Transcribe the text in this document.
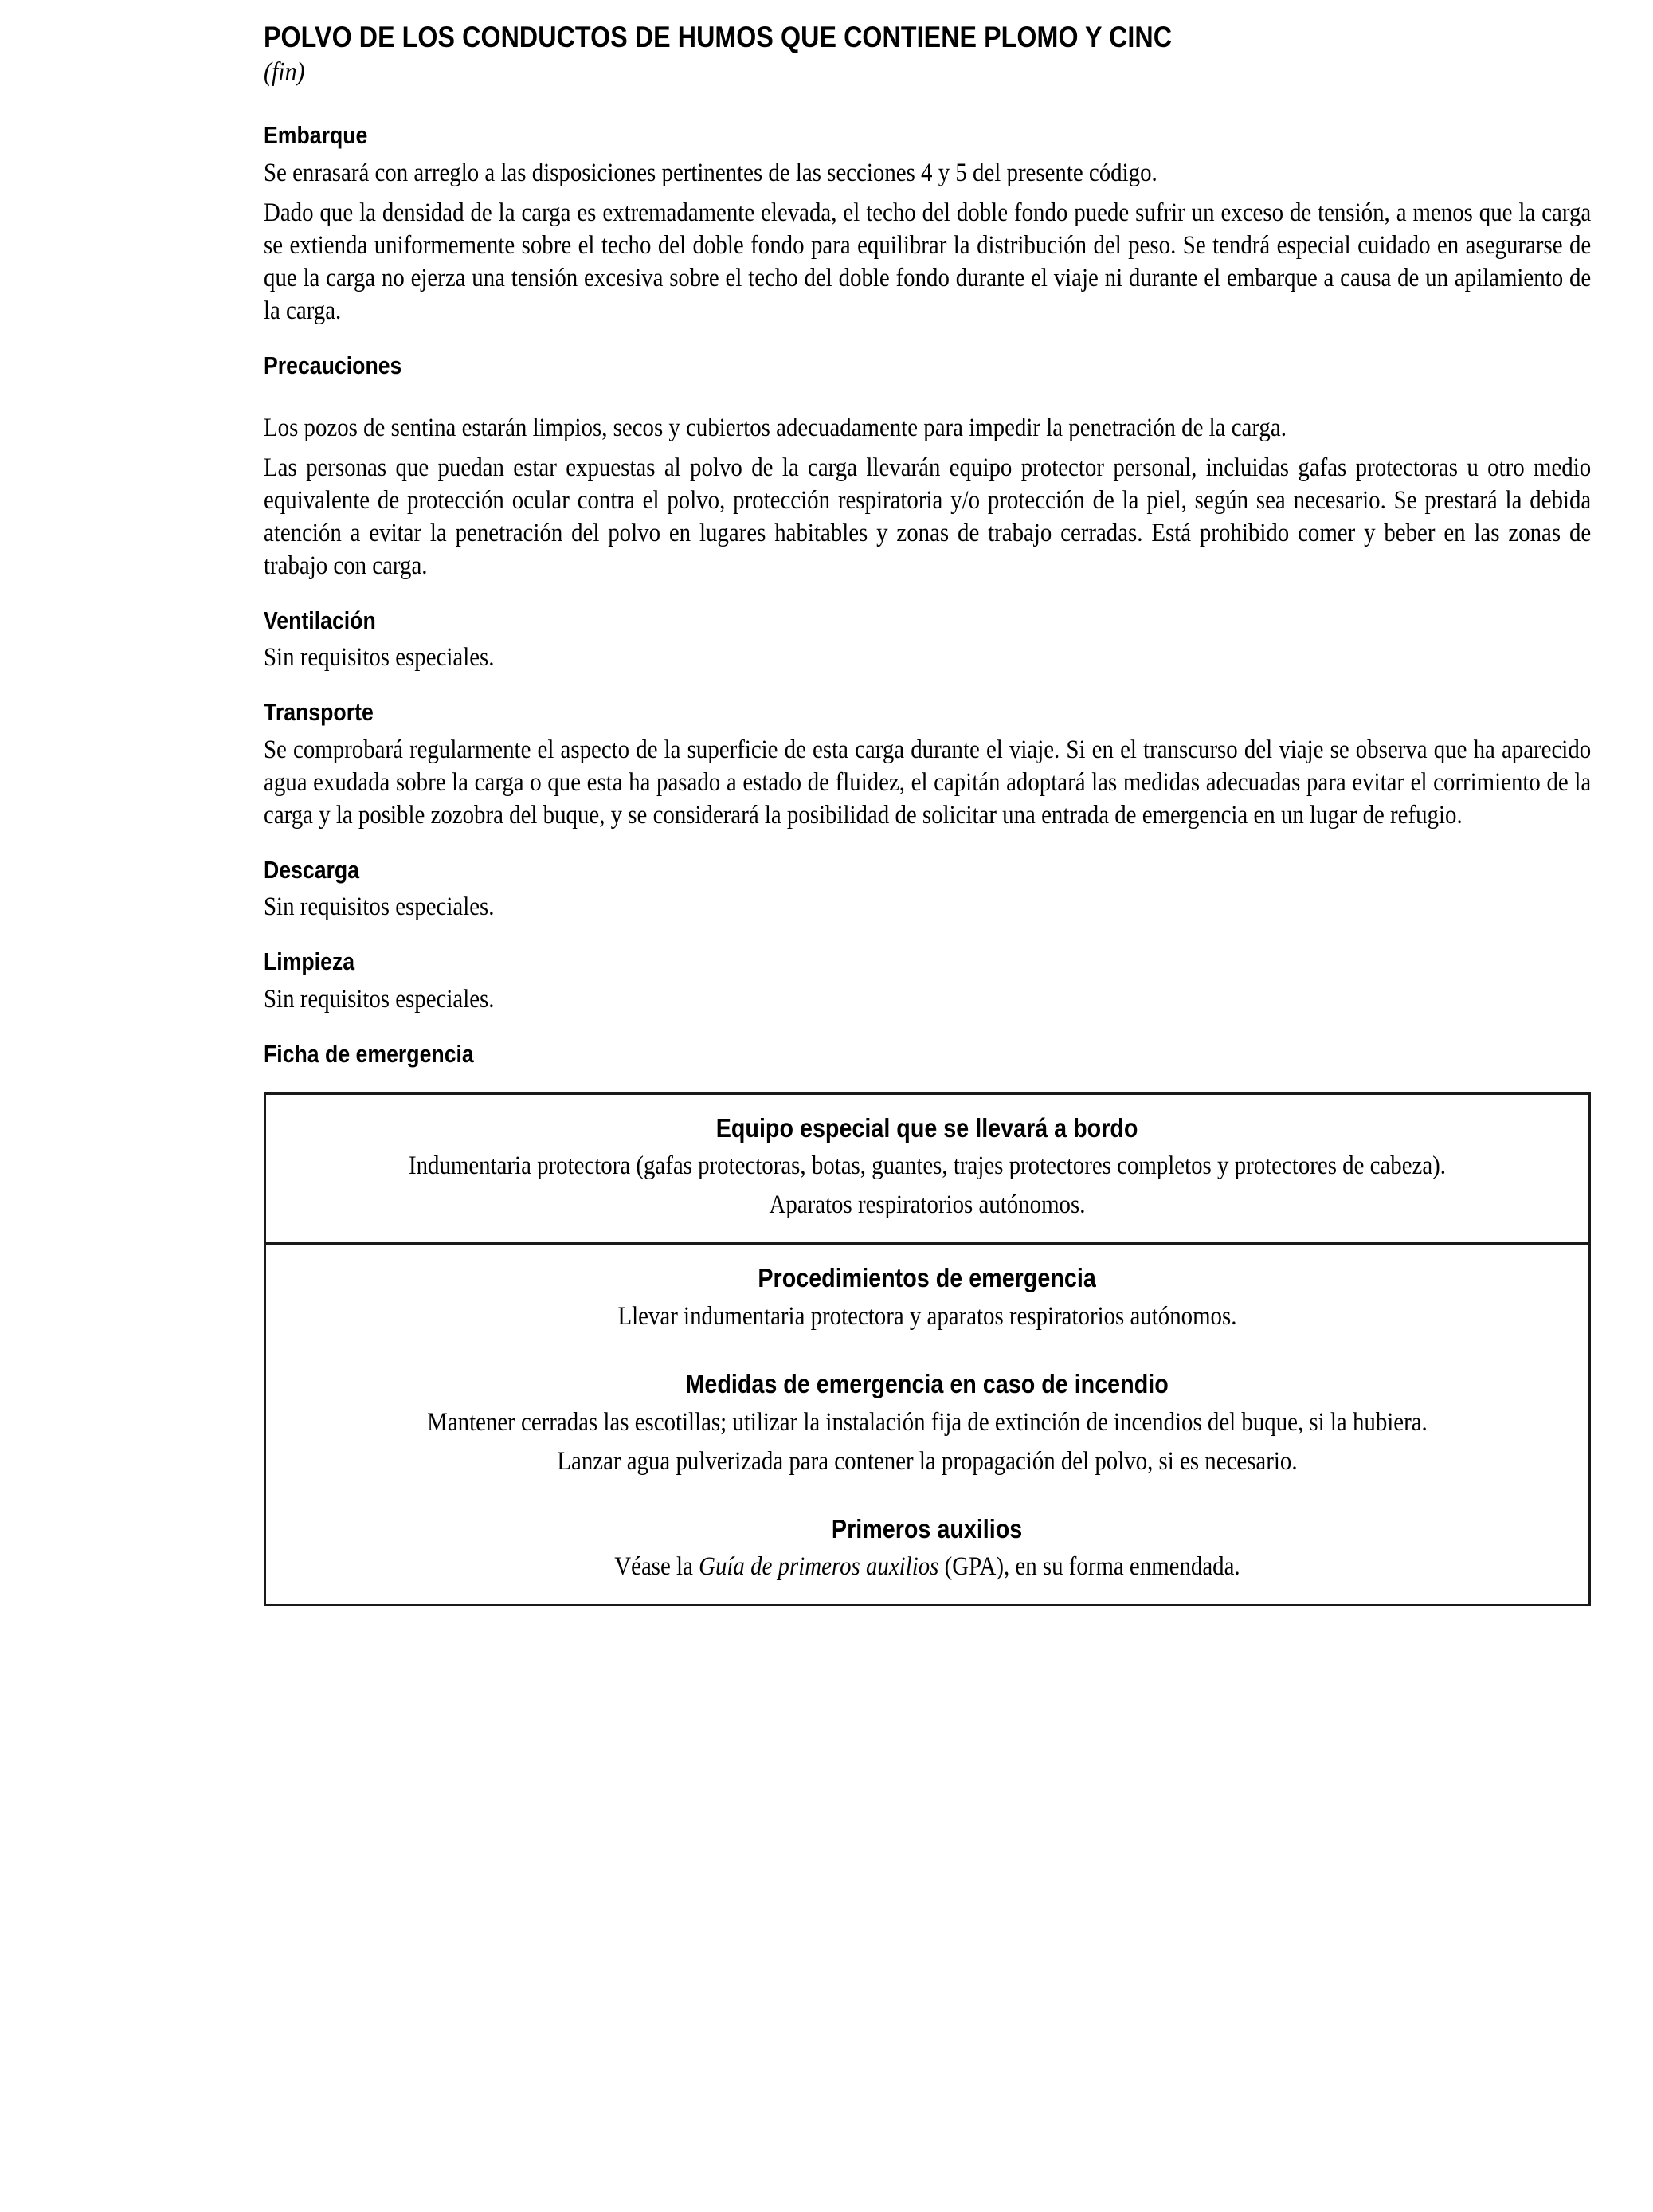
POLVO DE LOS CONDUCTOS DE HUMOS QUE CONTIENE PLOMO Y CINC
(fin)
Embarque

Se enrasará con arreglo a las disposiciones pertinentes de las secciones 4 y 5 del presente código.

Dado que la densidad de la carga es extremadamente elevada, el techo del doble fondo puede sufrir un exceso de tensión, a menos que la carga se extienda uniformemente sobre el techo del doble fondo para equilibrar la distribución del peso. Se tendrá especial cuidado en asegurarse de que la carga no ejerza una tensión excesiva sobre el techo del doble fondo durante el viaje ni durante el embarque a causa de un apilamiento de la carga.

Precauciones

Los pozos de sentina estarán limpios, secos y cubiertos adecuadamente para impedir la penetración de la carga.

Las personas que puedan estar expuestas al polvo de la carga llevarán equipo protector personal, incluidas gafas protectoras u otro medio equivalente de protección ocular contra el polvo, protección respiratoria y/o protección de la piel, según sea necesario. Se prestará la debida atención a evitar la penetración del polvo en lugares habitables y zonas de trabajo cerradas. Está prohibido comer y beber en las zonas de trabajo con carga.

Ventilación

Sin requisitos especiales.

Transporte

Se comprobará regularmente el aspecto de la superficie de esta carga durante el viaje. Si en el transcurso del viaje se observa que ha aparecido agua exudada sobre la carga o que esta ha pasado a estado de fluidez, el capitán adoptará las medidas adecuadas para evitar el corrimiento de la carga y la posible zozobra del buque, y se considerará la posibilidad de solicitar una entrada de emergencia en un lugar de refugio.

Descarga

Sin requisitos especiales.

Limpieza

Sin requisitos especiales.

Ficha de emergencia
Equipo especial que se llevará a bordo
Indumentaria protectora (gafas protectoras, botas, guantes, trajes protectores completos y protectores de cabeza).
Aparatos respiratorios autónomos.
Procedimientos de emergencia
Llevar indumentaria protectora y aparatos respiratorios autónomos.
Medidas de emergencia en caso de incendio
Mantener cerradas las escotillas; utilizar la instalación fija de extinción de incendios del buque, si la hubiera.
Lanzar agua pulverizada para contener la propagación del polvo, si es necesario.
Primeros auxilios
Véase la Guía de primeros auxilios (GPA), en su forma enmendada.
